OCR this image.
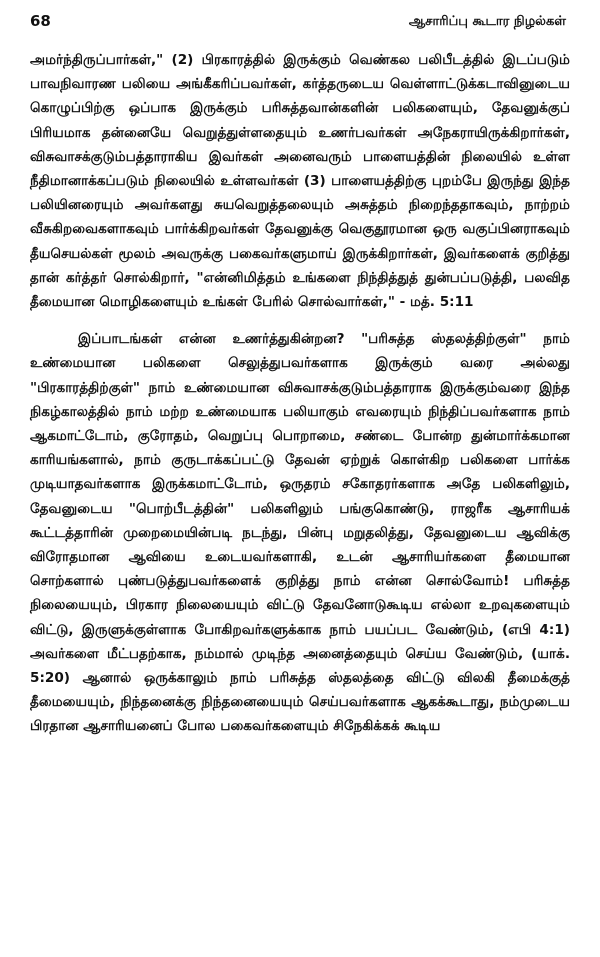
68	ஆசாரிப்பு கூடார நிழல்கள்

அமர்ந்திருப்பார்கள்," (2) பிரகாரத்தில் இருக்கும் வெண்கல பலிபீடத்தில் இடப்படும் பாவநிவாரண பலியை அங்கீகரிப்பவர்கள், கர்த்தருடைய வெள்ளாட்டுக்கடாவினுடைய கொழுப்பிற்கு ஒப்பாக இருக்கும் பரிசுத்தவான்களின் பலிகளையும், தேவனுக்குப் பிரியமாக தன்னையே வெறுத்துள்ளதையும் உணர்பவர்கள் அநேகராயிருக்கிறார்கள், விசுவாசக்குடும்பத்தாராகிய இவர்கள் அனைவரும் பாளையத்தின் நிலையில் உள்ள நீதிமானாக்கப்படும் நிலையில் உள்ளவர்கள் (3) பாளையத்திற்கு புறம்பே இருந்து இந்த பலியினரையும் அவர்களது சுயவெறுத்தலையும் அசுத்தம் நிறைந்ததாகவும், நாற்றம் வீசுகிறவைகளாகவும் பார்க்கிறவர்கள் தேவனுக்கு வெகுதூரமான ஒரு வகுப்பினராகவும் தீயசெயல்கள் மூலம் அவருக்கு பகைவர்களுமாய் இருக்கிறார்கள், இவர்களைக் குறித்து தான் கர்த்தர் சொல்கிறார், "என்னிமித்தம் உங்களை நிந்தித்துத் துன்பப்படுத்தி, பலவித தீமையான மொழிகளையும் உங்கள் பேரில் சொல்வார்கள்," - மத். 5:11

இப்பாடங்கள் என்ன உணர்த்துகின்றன? "பரிசுத்த ஸ்தலத்திற்குள்" நாம் உண்மையான பலிகளை செலுத்துபவர்களாக இருக்கும் வரை அல்லது "பிரகாரத்திற்குள்" நாம் உண்மையான விசுவாசக்குடும்பத்தாராக இருக்கும்வரை இந்த நிகழ்காலத்தில் நாம் மற்ற உண்மையாக பலியாகும் எவரையும் நிந்திப்பவர்களாக நாம் ஆகமாட்டோம், குரோதம், வெறுப்பு பொறாமை, சண்டை போன்ற துன்மார்க்கமான காரியங்களால், நாம் குருடாக்கப்பட்டு தேவன் ஏற்றுக் கொள்கிற பலிகளை பார்க்க முடியாதவர்களாக இருக்கமாட்டோம், ஒருதரம் சகோதரர்களாக அதே பலிகளிலும், தேவனுடைய "பொற்பீடத்தின்" பலிகளிலும் பங்குகொண்டு, ராஜரீக ஆசாரியக் கூட்டத்தாரின் முறைமையின்படி நடந்து, பின்பு மறுதலித்து, தேவனுடைய ஆவிக்கு விரோதமான ஆவியை உடையவர்களாகி, உடன் ஆசாரியர்களை தீமையான சொற்களால் புண்படுத்துபவர்களைக் குறித்து நாம் என்ன சொல்வோம்! பரிசுத்த நிலையையும், பிரகார நிலையையும் விட்டு தேவனோடுகூடிய எல்லா உறவுகளையும் விட்டு, இருளுக்குள்ளாக போகிறவர்களுக்காக நாம் பயப்பட வேண்டும், (எபி 4:1) அவர்களை மீட்பதற்காக, நம்மால் முடிந்த அனைத்தையும் செய்ய வேண்டும், (யாக். 5:20) ஆனால் ஒருக்காலும் நாம் பரிசுத்த ஸ்தலத்தை விட்டு விலகி தீமைக்குத் தீமையையும், நிந்தனைக்கு நிந்தனையையும் செய்பவர்களாக ஆகக்கூடாது, நம்முடைய பிரதான ஆசாரியனைப் போல பகைவர்களையும் சிநேகிக்கக் கூடிய
